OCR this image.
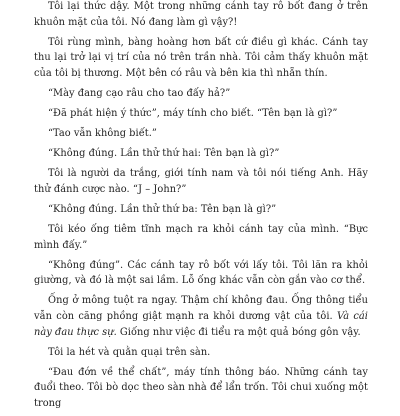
Tôi lại thức dậy. Một trong những cánh tay rô bốt đang ở trên khuôn mặt của tôi. Nó đang làm gì vậy?!

Tôi rùng mình, bàng hoàng hơn bất cứ điều gì khác. Cánh tay thu lại trở lại vị trí của nó trên trần nhà. Tôi cảm thấy khuôn mặt của tôi bị thương. Một bên có râu và bên kia thì nhẵn thín.

“Mày đang cạo râu cho tao đấy hả?”

“Đã phát hiện ý thức”, máy tính cho biết. “Tên bạn là gì?”

“Tao vẫn không biết.”

“Không đúng. Lần thử thứ hai: Tên bạn là gì?”

Tôi là người da trắng, giới tính nam và tôi nói tiếng Anh. Hãy thử đánh cược nào. “J – John?”

“Không đúng. Lần thử thứ ba: Tên bạn là gì?”

Tôi kéo ống tiêm tĩnh mạch ra khỏi cánh tay của mình. “Bực mình đấy.”

“Không đúng”. Các cánh tay rô bốt với lấy tôi. Tôi lăn ra khỏi giường, và đó là một sai lầm. Lỗ ống khác vẫn còn gắn vào cơ thể.

Ống ở mông tuột ra ngay. Thậm chí không đau. Ống thông tiểu vẫn còn căng phồng giật mạnh ra khỏi dương vật của tôi. Và cái này đau thực sự. Giống như việc đi tiểu ra một quả bóng gôn vậy.

Tôi la hét và quằn quại trên sàn.

“Đau đớn về thể chất”, máy tính thông báo. Những cánh tay đuổi theo. Tôi bò dọc theo sàn nhà để lẩn trốn. Tôi chui xuống một trong
